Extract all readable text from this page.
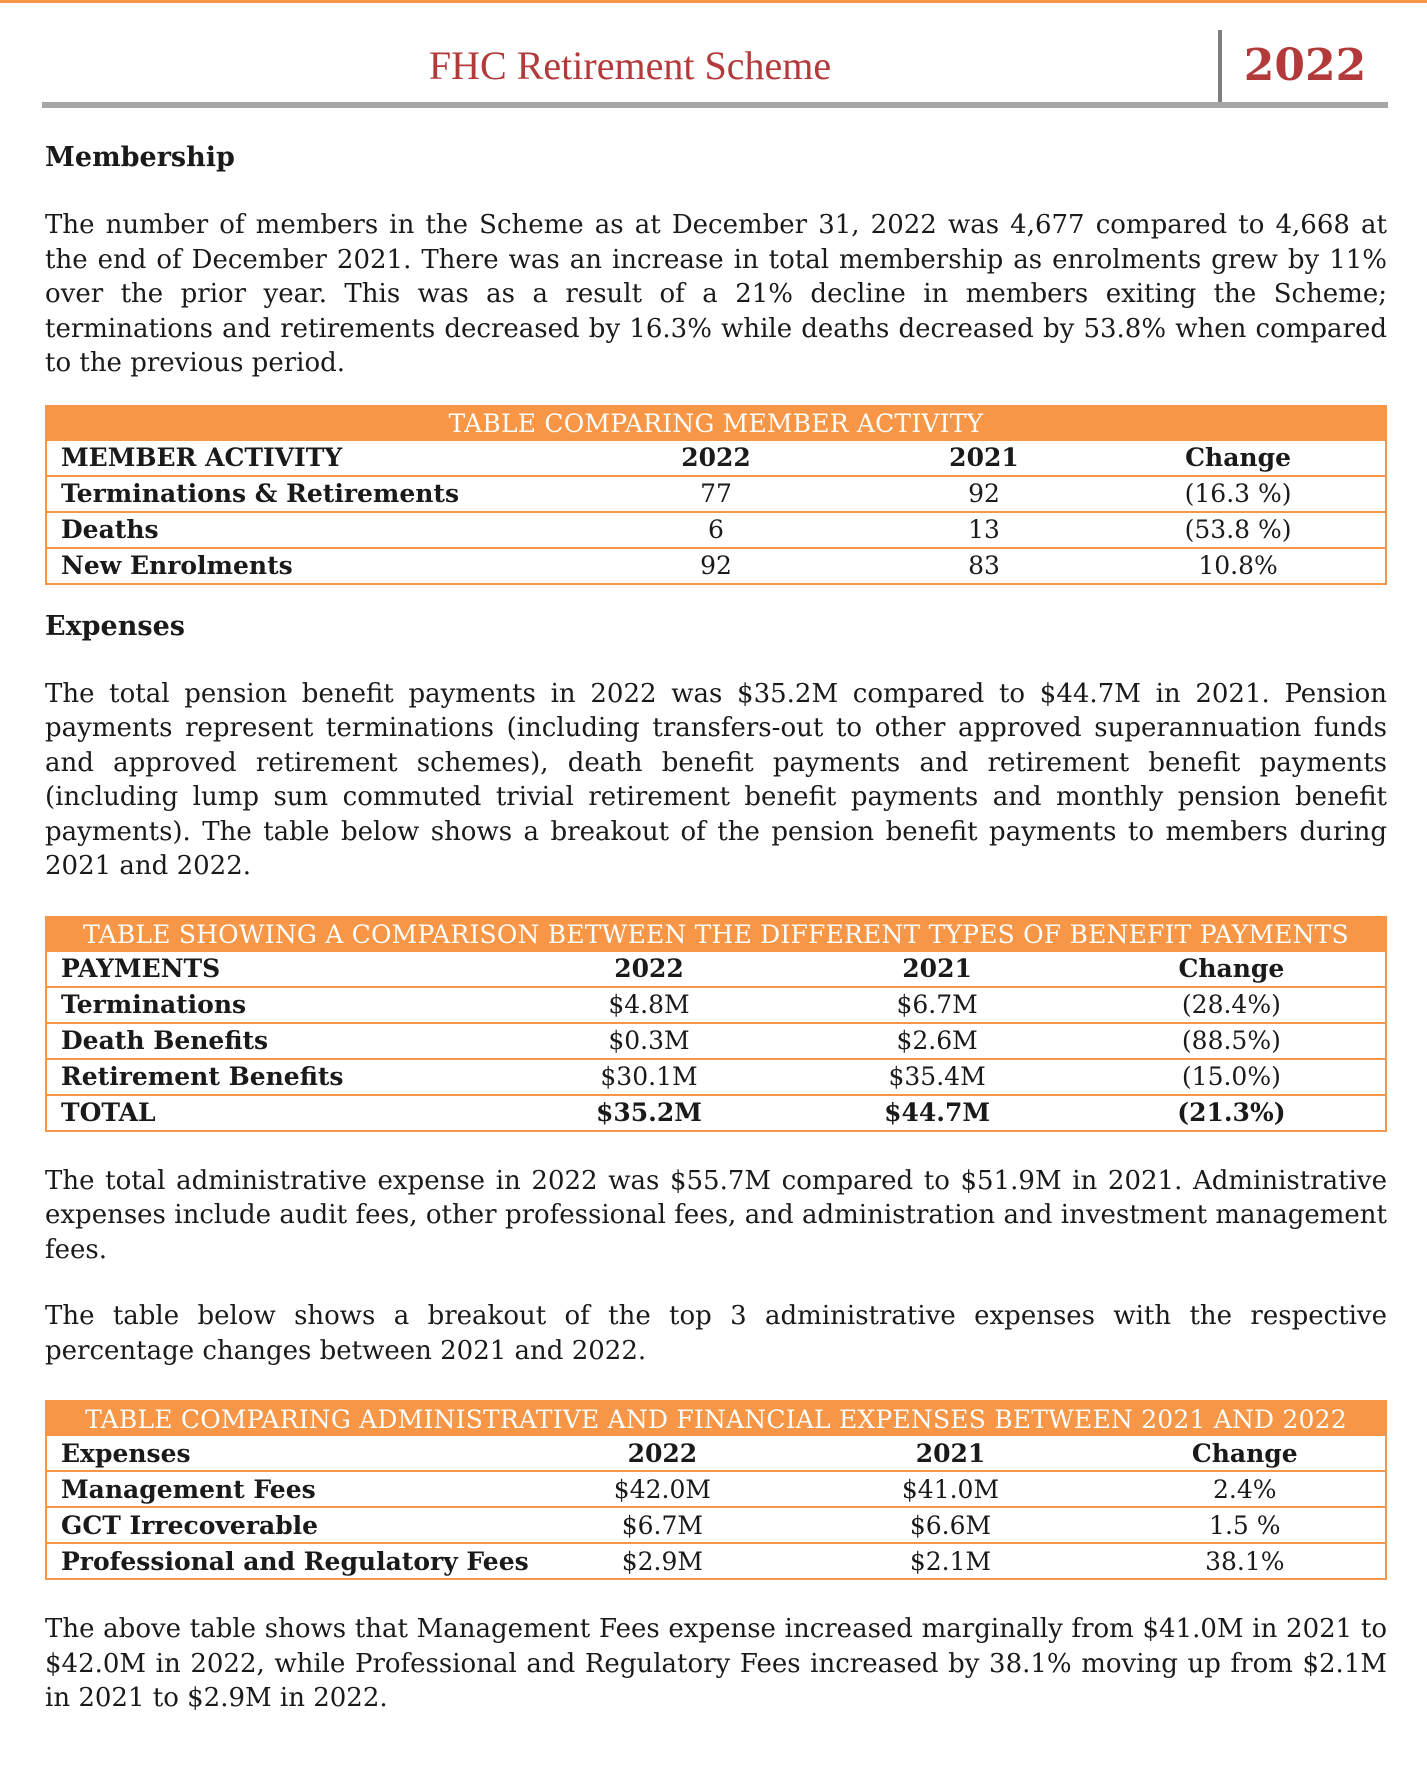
FHC Retirement Scheme	2022
Membership

The number of members in the Scheme as at December 31, 2022 was 4,677 compared to 4,668 at the end of December 2021. There was an increase in total membership as enrolments grew by 11% over the prior year. This was as a result of a 21% decline in members exiting the Scheme; terminations and retirements decreased by 16.3% while deaths decreased by 53.8% when compared to the previous period.

TABLE COMPARING MEMBER ACTIVITY			
MEMBER ACTIVITY	2022	2021	Change
Terminations & Retirements	77	92	(16.3 %)
Deaths	6	13	(53.8 %)
New Enrolments	92	83	10.8%
Expenses

The total pension benefit payments in 2022 was $35.2M compared to $44.7M in 2021. Pension payments represent terminations (including transfers-out to other approved superannuation funds and approved retirement schemes), death benefit payments and retirement benefit payments (including lump sum commuted trivial retirement benefit payments and monthly pension benefit payments). The table below shows a breakout of the pension benefit payments to members during 2021 and 2022.

TABLE SHOWING A COMPARISON BETWEEN THE DIFFERENT TYPES OF BENEFIT PAYMENTS			
PAYMENTS	2022	2021	Change
Terminations	$4.8M	$6.7M	(28.4%)
Death Benefits	$0.3M	$2.6M	(88.5%)
Retirement Benefits	$30.1M	$35.4M	(15.0%)
TOTAL	$35.2M	$44.7M	(21.3%)

The total administrative expense in 2022 was $55.7M compared to $51.9M in 2021. Administrative expenses include audit fees, other professional fees, and administration and investment management fees.

The table below shows a breakout of the top 3 administrative expenses with the respective percentage changes between 2021 and 2022.

TABLE COMPARING ADMINISTRATIVE AND FINANCIAL EXPENSES BETWEEN 2021 AND 2022			
Expenses	2022	2021	Change
Management Fees	$42.0M	$41.0M	2.4%
GCT Irrecoverable	$6.7M	$6.6M	1.5 %
Professional and Regulatory Fees	$2.9M	$2.1M	38.1%

The above table shows that Management Fees expense increased marginally from $41.0M in 2021 to $42.0M in 2022, while Professional and Regulatory Fees increased by 38.1% moving up from $2.1M in 2021 to $2.9M in 2022.
